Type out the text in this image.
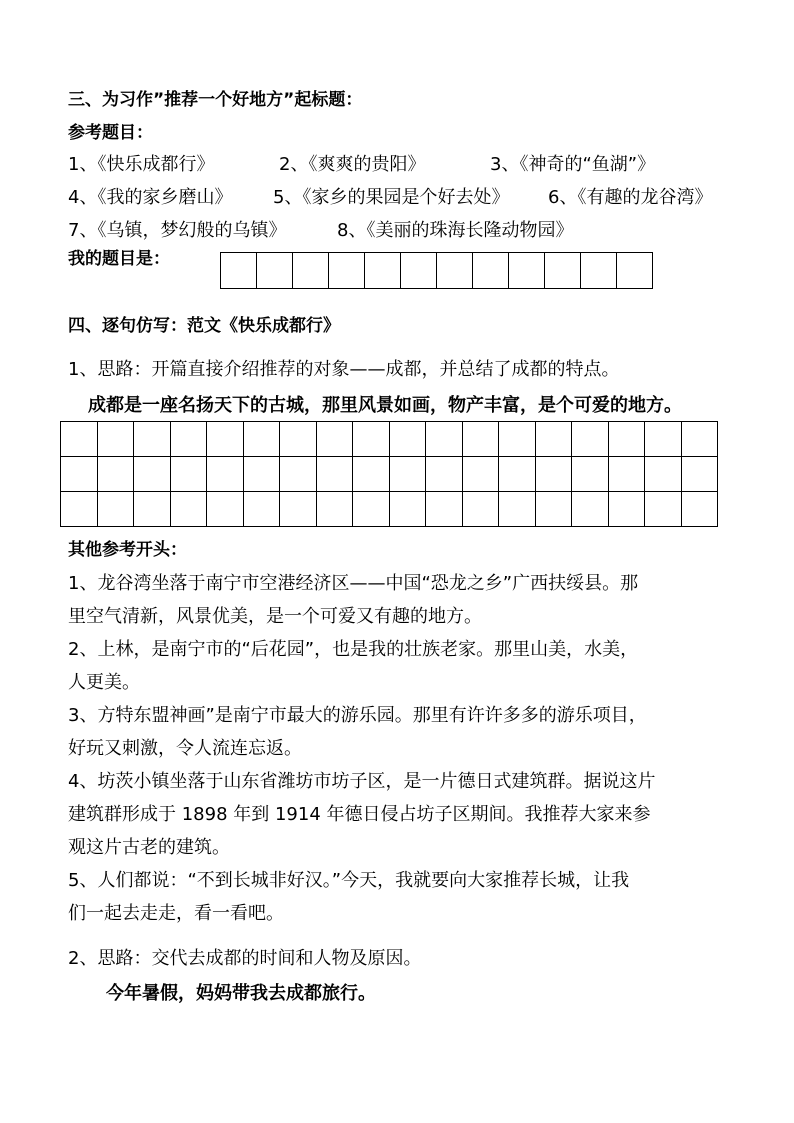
三、为习作”推荐一个好地方”起标题：
参考题目：
1、《快乐成都行》	2、《爽爽的贵阳》	3、《神奇的“鱼湖”》
4、《我的家乡磨山》 5、《家乡的果园是个好去处》 6、《有趣的龙谷湾》
7、《乌镇，梦幻般的乌镇》	8、《美丽的珠海长隆动物园》
我的题目是：

四、逐句仿写：范文《快乐成都行》
1、思路：开篇直接介绍推荐的对象——成都，并总结了成都的特点。
成都是一座名扬天下的古城，那里风景如画，物产丰富，是个可爱的地方。

其他参考开头：
1、龙谷湾坐落于南宁市空港经济区——中国“恐龙之乡”广西扶绥县。那
里空气清新，风景优美，是一个可爱又有趣的地方。
2、上林，是南宁市的“后花园”，也是我的壮族老家。那里山美，水美，
人更美。
3、方特东盟神画”是南宁市最大的游乐园。那里有许许多多的游乐项目，
好玩又刺激，令人流连忘返。
4、坊茨小镇坐落于山东省潍坊市坊子区，是一片德日式建筑群。据说这片
建筑群形成于 1898 年到 1914 年德日侵占坊子区期间。我推荐大家来参
观这片古老的建筑。
5、人们都说：“不到长城非好汉。”今天，我就要向大家推荐长城，让我
们一起去走走，看一看吧。
2、思路：交代去成都的时间和人物及原因。
今年暑假，妈妈带我去成都旅行。
